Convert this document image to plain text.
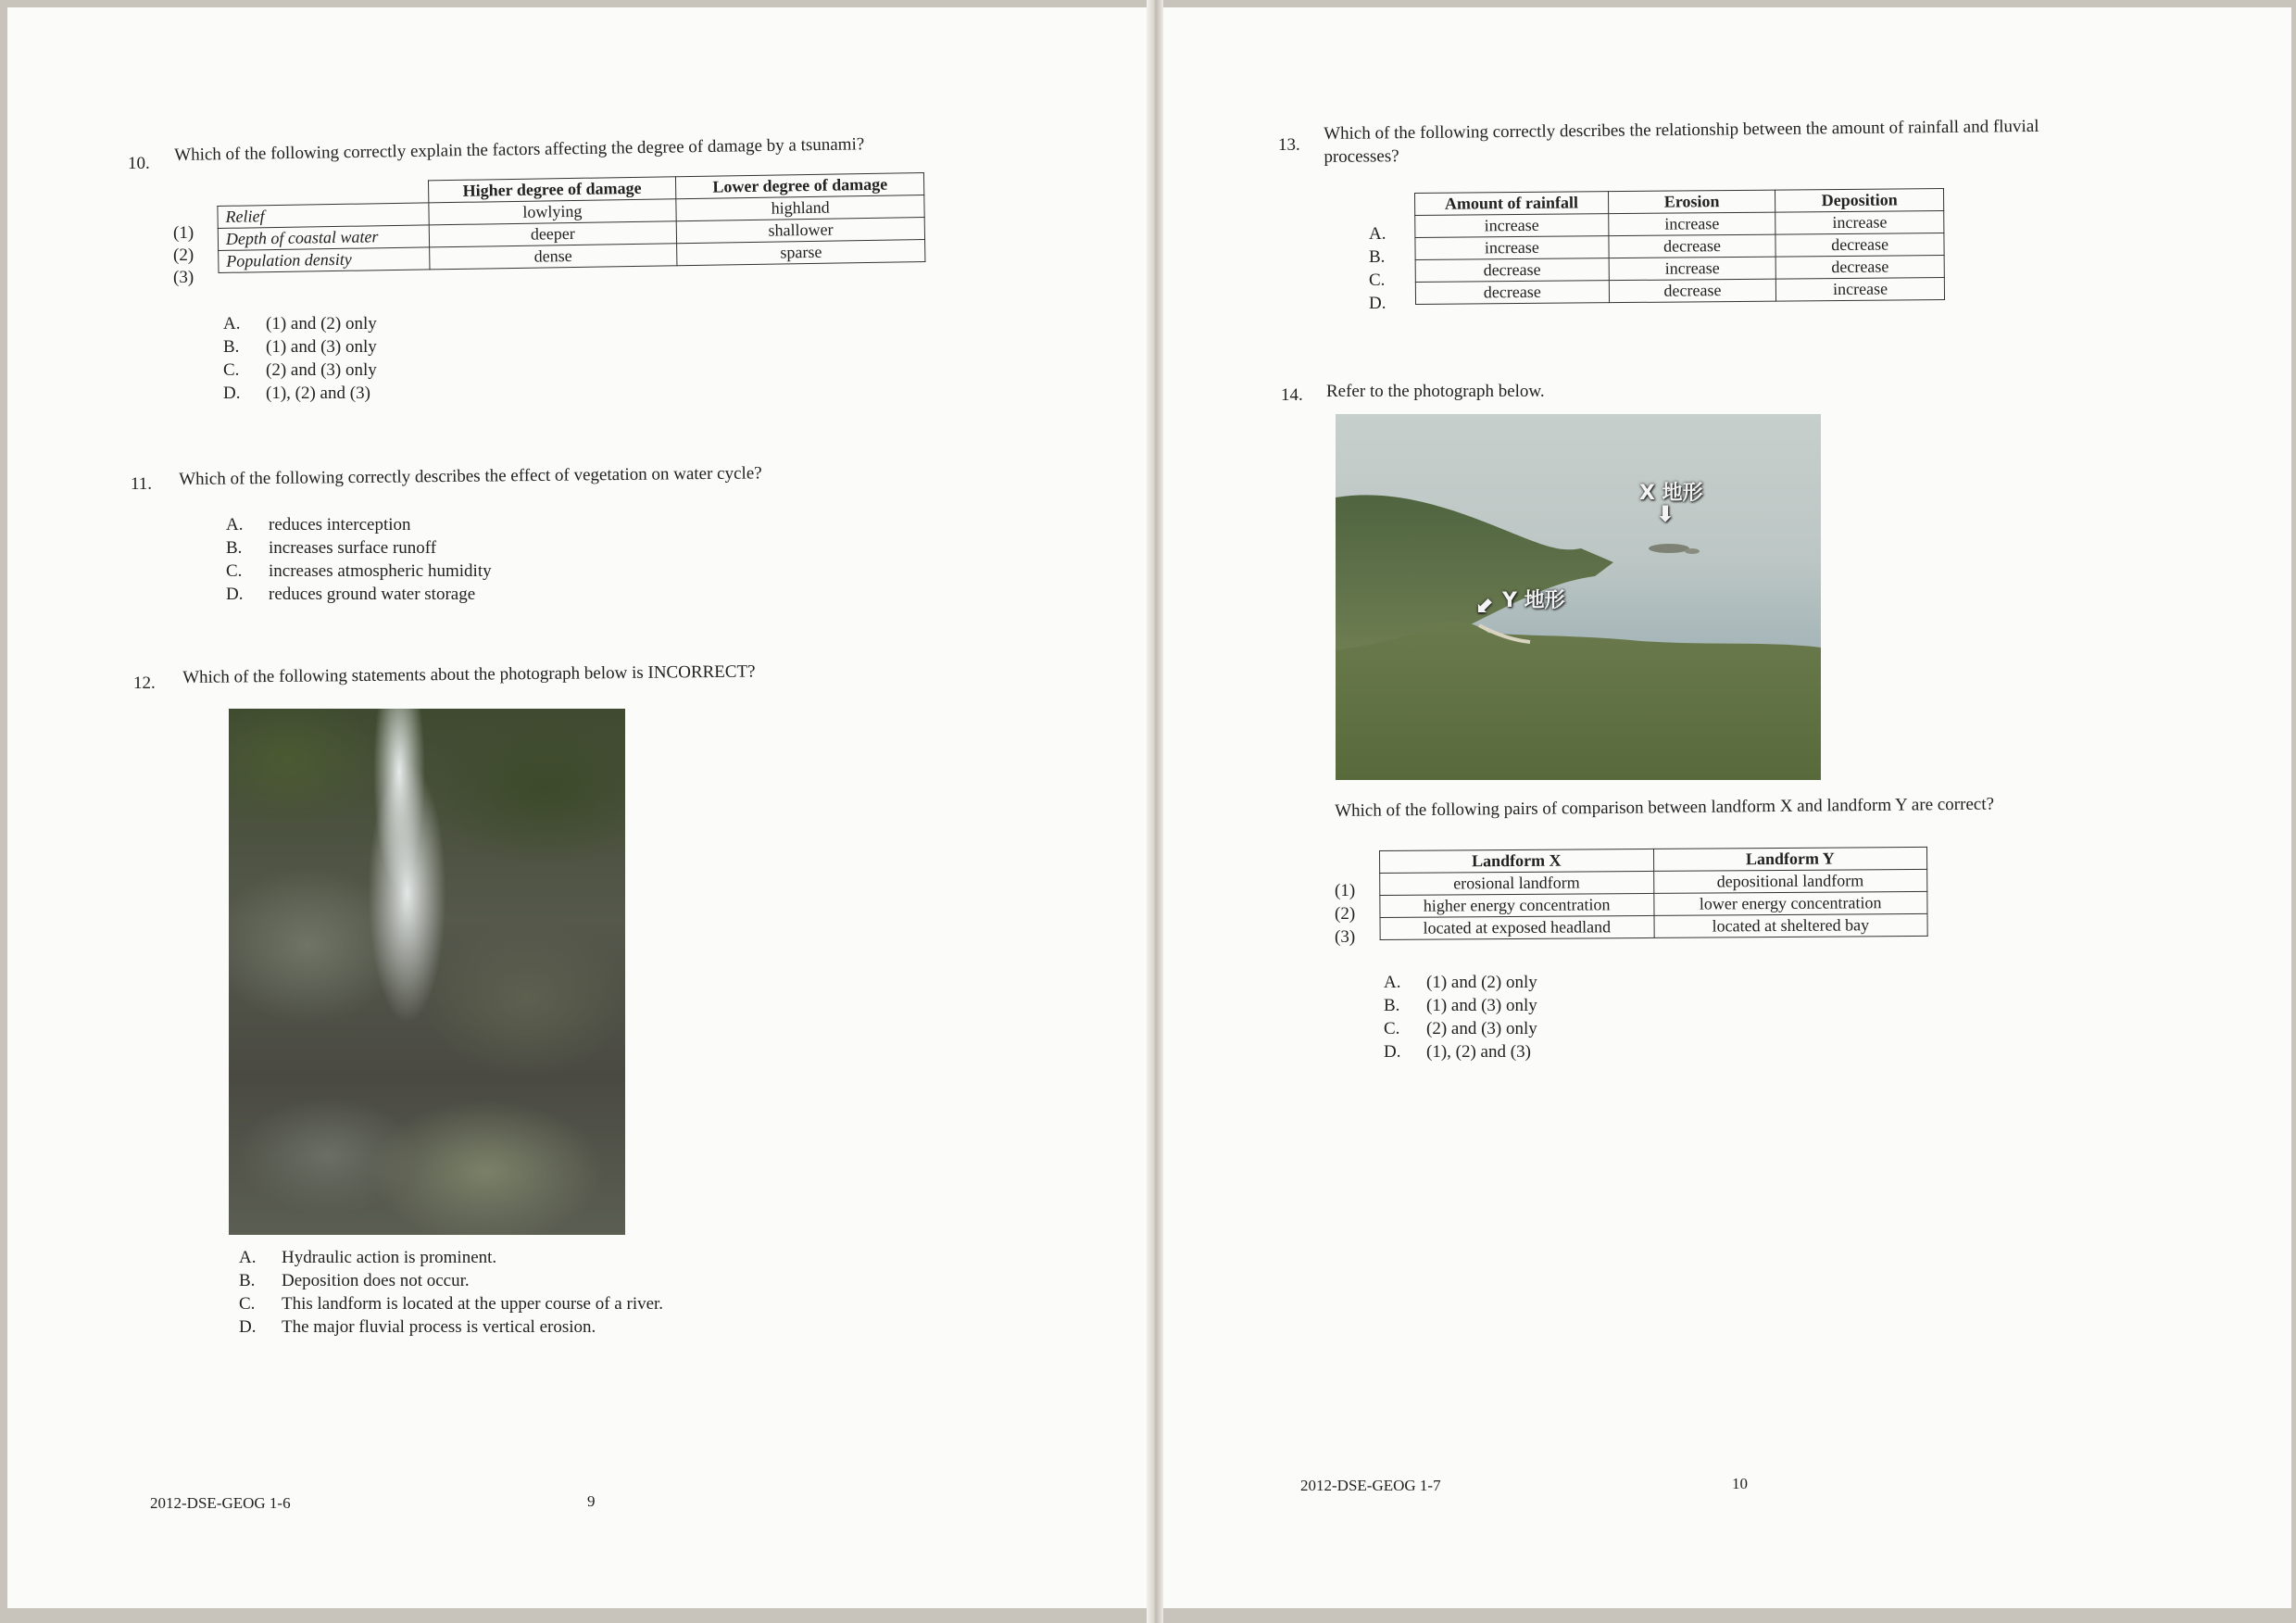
10. Which of the following correctly explain the factors affecting the degree of damage by a tsunami?
(1)
(2)
(3)
	Higher degree of damage	Lower degree of damage
Relief	lowlying	highland
Depth of coastal water	deeper	shallower
Population density	dense	sparse
A. (1) and (2) only
B. (1) and (3) only
C. (2) and (3) only
D. (1), (2) and (3)
11. Which of the following correctly describes the effect of vegetation on water cycle?
A. reduces interception
B. increases surface runoff
C. increases atmospheric humidity
D. reduces ground water storage
12. Which of the following statements about the photograph below is INCORRECT?
A. Hydraulic action is prominent.
B. Deposition does not occur.
C. This landform is located at the upper course of a river.
D. The major fluvial process is vertical erosion.
2012-DSE-GEOG 1-6	9
13.
Which of the following correctly describes the relationship between the amount of rainfall and fluvial
processes?
A.
B.
C.
D.
Amount of rainfall	Erosion	Deposition
increase	increase	increase
increase	decrease	decrease
decrease	increase	decrease
decrease	decrease	increase
14. Refer to the photograph below.
X 地形
⬇
⬇ Y 地形
Which of the following pairs of comparison between landform X and landform Y are correct?
(1)
(2)
(3)
Landform X	Landform Y
erosional landform	depositional landform
higher energy concentration	lower energy concentration
located at exposed headland	located at sheltered bay
A. (1) and (2) only
B. (1) and (3) only
C. (2) and (3) only
D. (1), (2) and (3)
2012-DSE-GEOG 1-7	10
